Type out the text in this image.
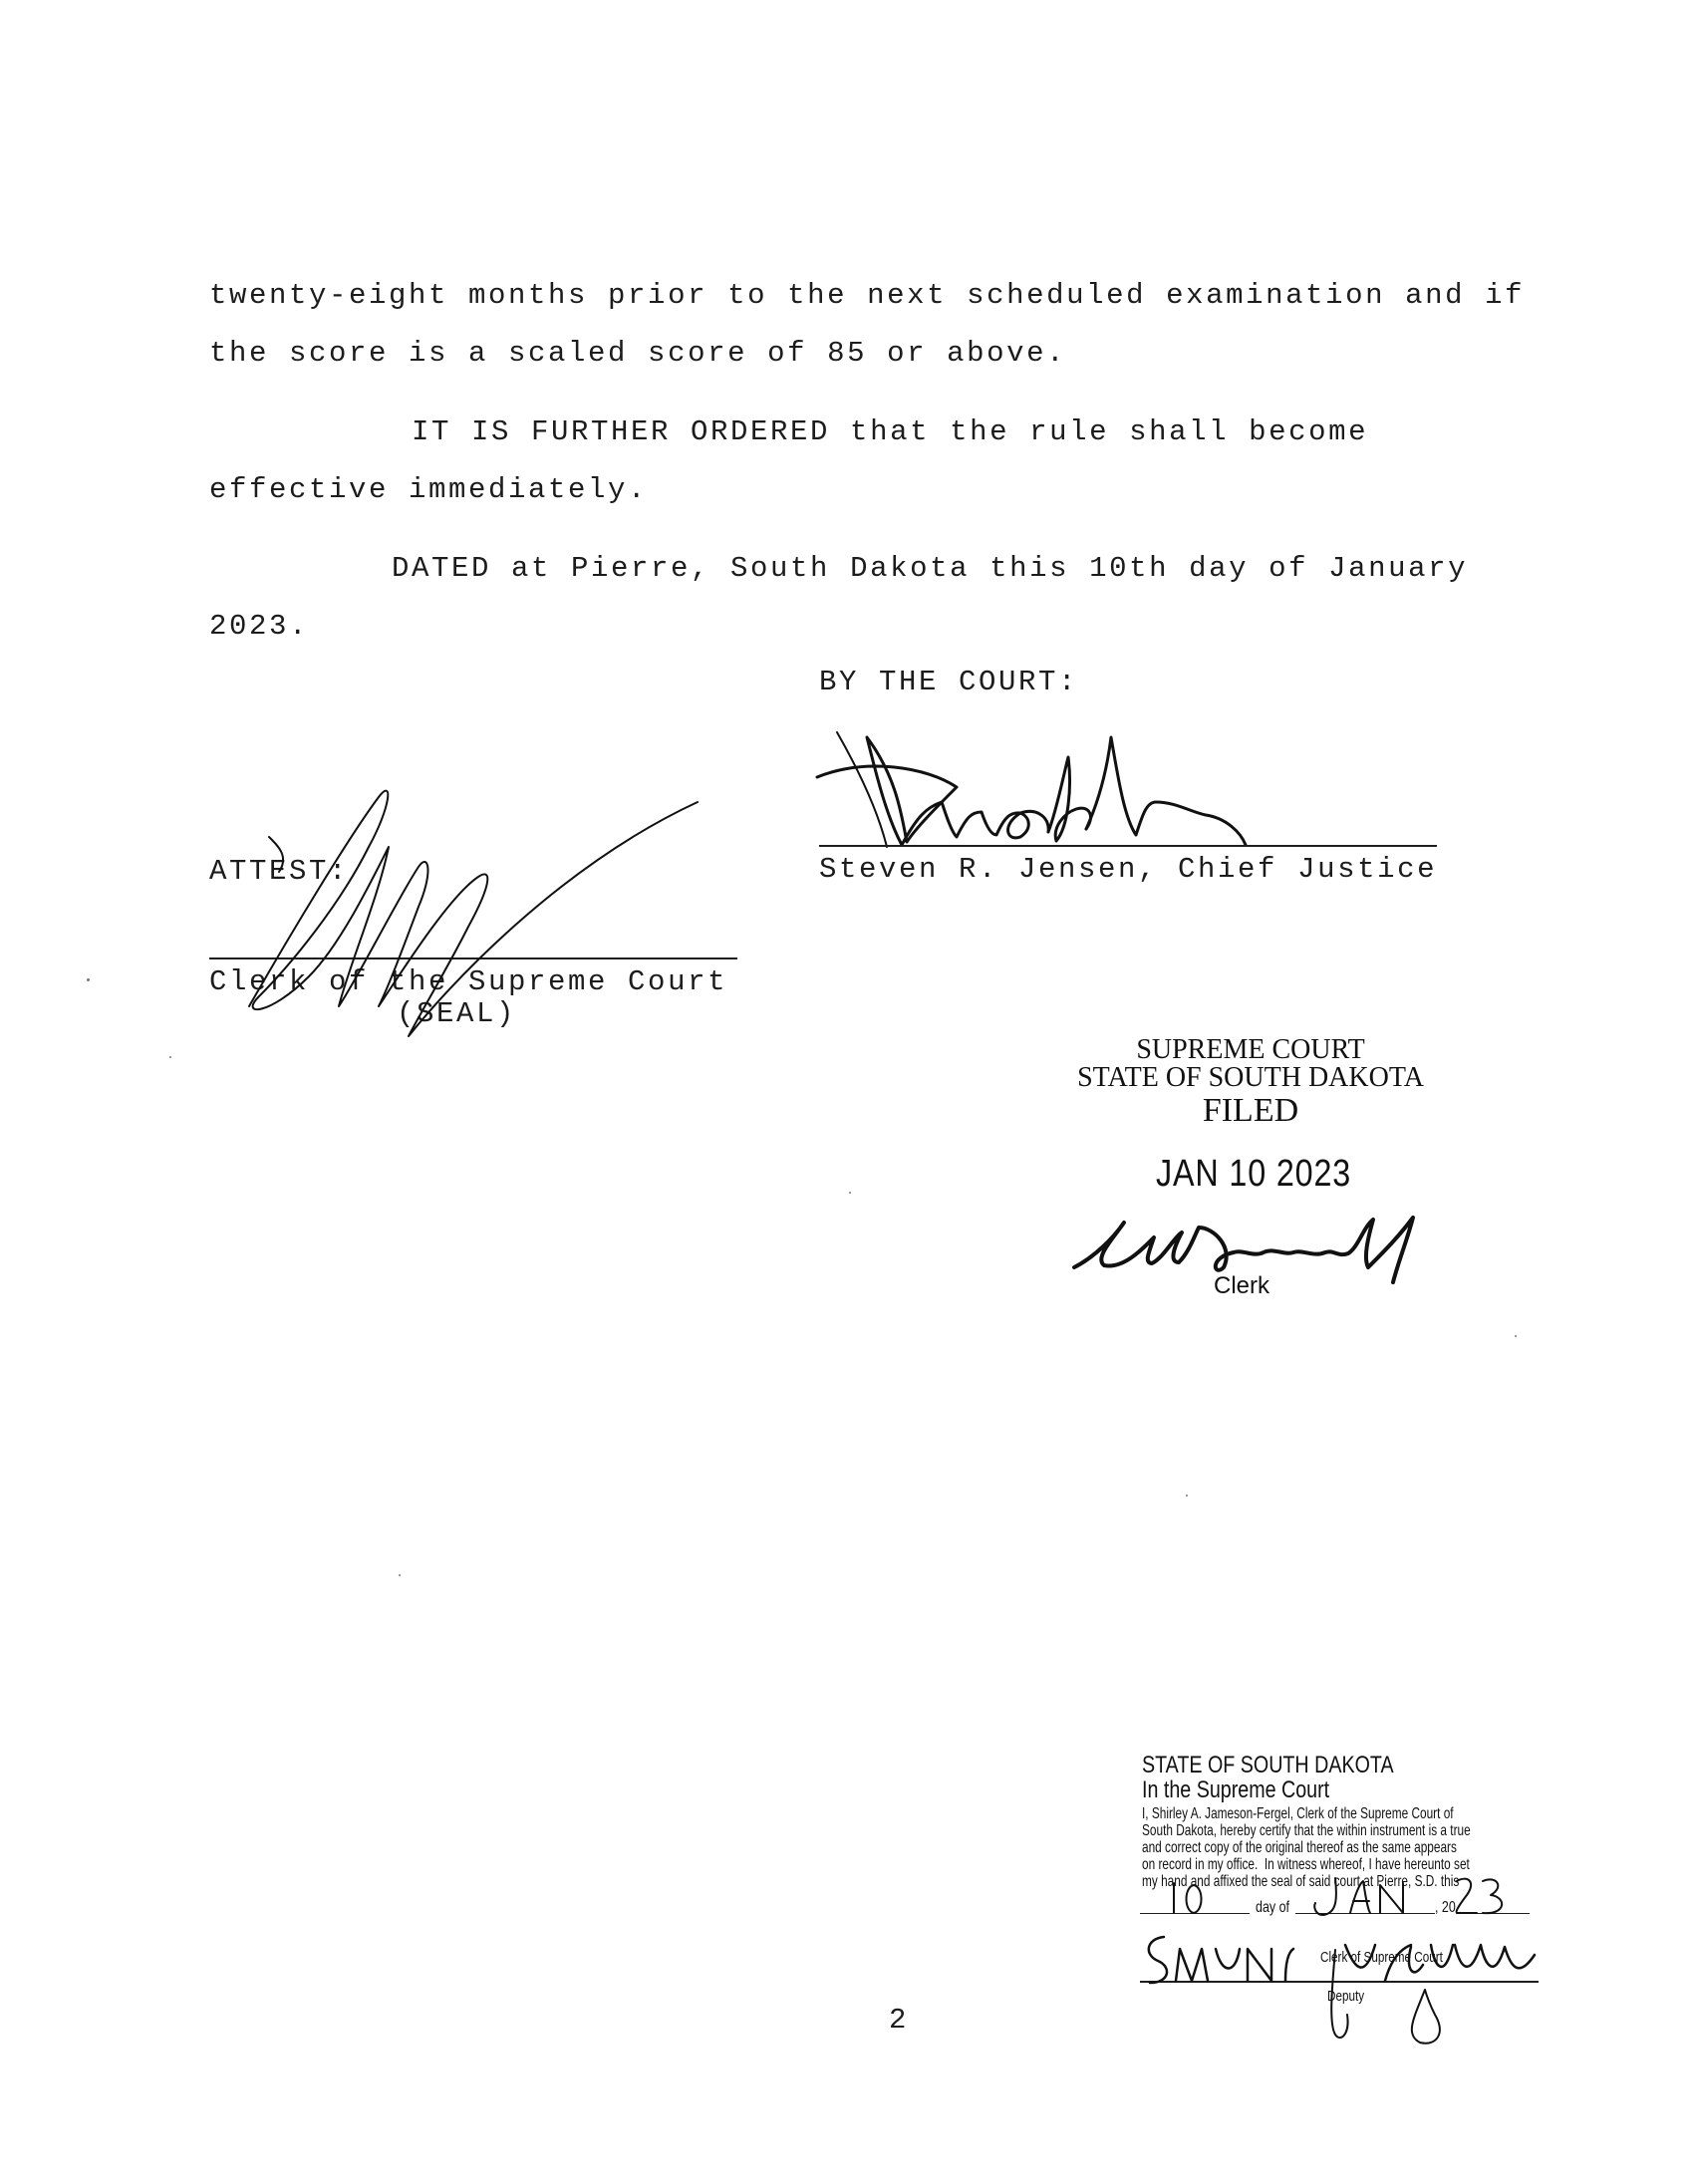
twenty-eight months prior to the next scheduled examination and if
the score is a scaled score of 85 or above.
IT IS FURTHER ORDERED that the rule shall become
effective immediately.
DATED at Pierre, South Dakota this 10th day of January
2023.
BY THE COURT:
Steven R. Jensen, Chief Justice
ATTEST:
Clerk of the Supreme Court
(SEAL)
SUPREME COURT
STATE OF SOUTH DAKOTA
FILED
JAN 10 2023
Clerk
STATE OF SOUTH DAKOTA
In the Supreme Court
I, Shirley A. Jameson-Fergel, Clerk of the Supreme Court of
South Dakota, hereby certify that the within instrument is a true
and correct copy of the original thereof as the same appears
on record in my office.  In witness whereof, I have hereunto set
my hand and affixed the seal of said court at Pierre, S.D. this
day of	, 20
Clerk of Supreme Court
Deputy
2
